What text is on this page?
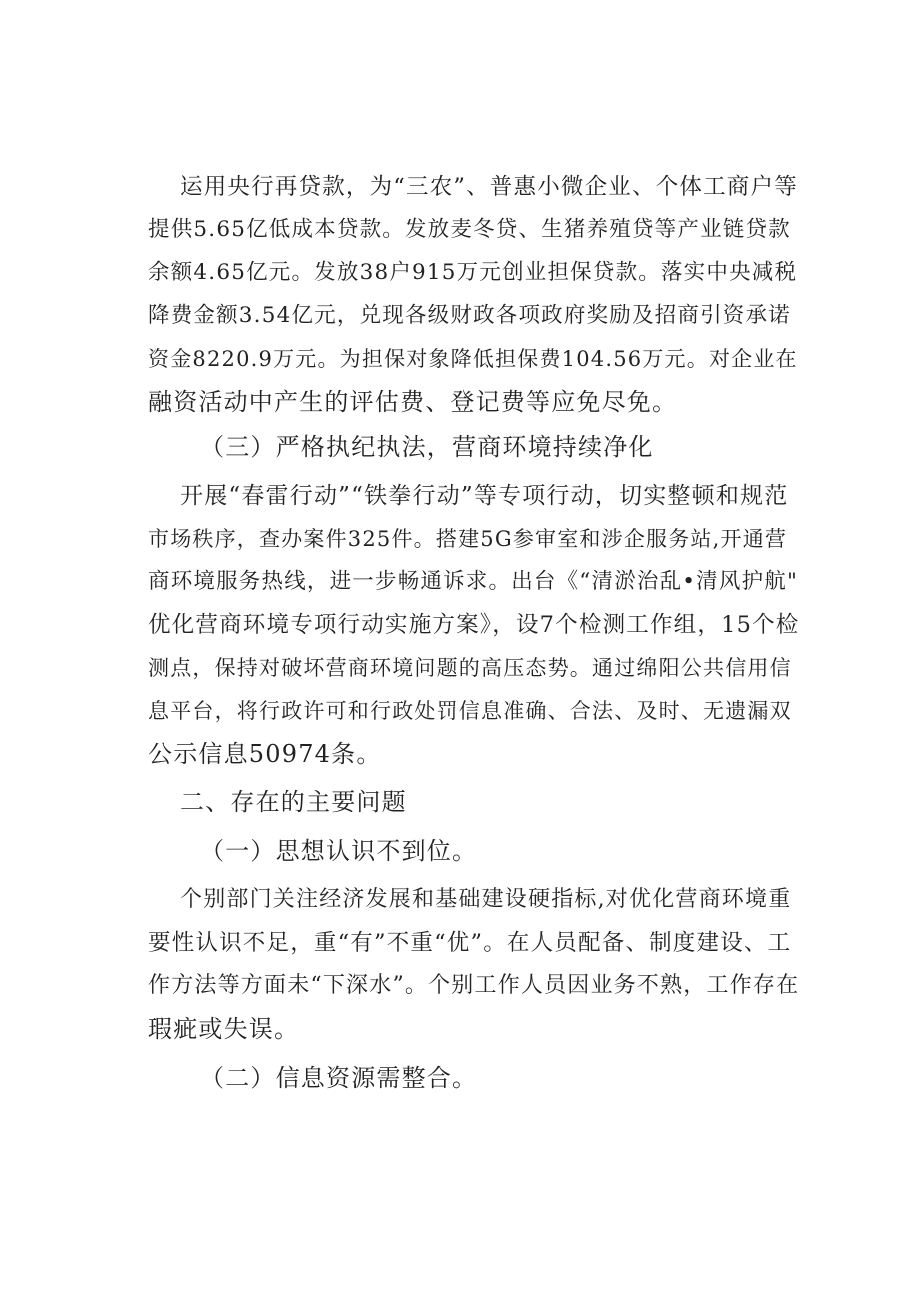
运用央行再贷款，为“三农”、普惠小微企业、个体工商户等
提供5.65亿低成本贷款。发放麦冬贷、生猪养殖贷等产业链贷款
余额4.65亿元。发放38户915万元创业担保贷款。落实中央减税
降费金额3.54亿元，兑现各级财政各项政府奖励及招商引资承诺
资金8220.9万元。为担保对象降低担保费104.56万元。对企业在
融资活动中产生的评估费、登记费等应免尽免。
（三）严格执纪执法，营商环境持续净化
开展“春雷行动”“铁拳行动”等专项行动，切实整顿和规范
市场秩序，查办案件325件。搭建5G参审室和涉企服务站,开通营
商环境服务热线，进一步畅通诉求。出台《“清淤治乱•清风护航"
优化营商环境专项行动实施方案》，设7个检测工作组，15个检
测点，保持对破坏营商环境问题的高压态势。通过绵阳公共信用信
息平台，将行政许可和行政处罚信息准确、合法、及时、无遗漏双
公示信息50974条。
二、存在的主要问题
（一）思想认识不到位。
个别部门关注经济发展和基础建设硬指标,对优化营商环境重
要性认识不足，重“有”不重“优”。在人员配备、制度建设、工
作方法等方面未“下深水”。个别工作人员因业务不熟，工作存在
瑕疵或失误。
（二）信息资源需整合。
